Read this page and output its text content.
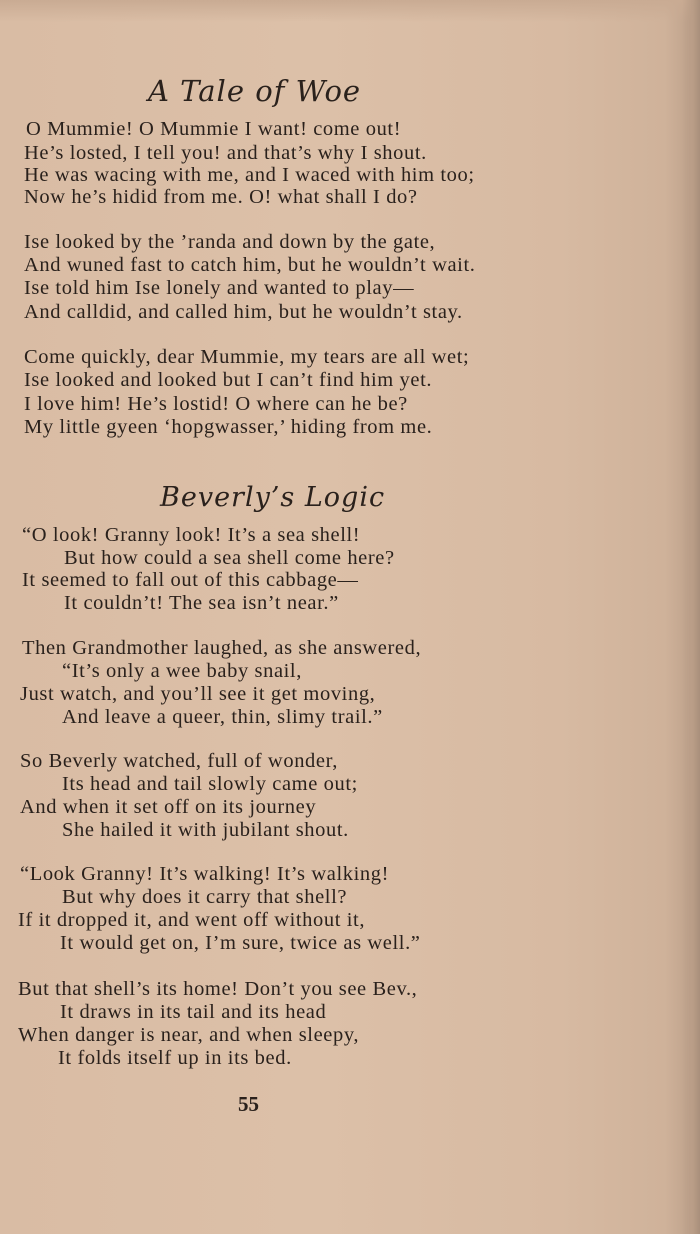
A Tale of Woe
O Mummie! O Mummie I want! come out!
He’s losted, I tell you! and that’s why I shout.
He was wacing with me, and I waced with him too;
Now he’s hidid from me. O! what shall I do?
Ise looked by the ’randa and down by the gate,
And wuned fast to catch him, but he wouldn’t wait.
Ise told him Ise lonely and wanted to play—
And calldid, and called him, but he wouldn’t stay.
Come quickly, dear Mummie, my tears are all wet;
Ise looked and looked but I can’t find him yet.
I love him! He’s lostid! O where can he be?
My little gyeen ‘hopgwasser,’ hiding from me.
Beverly’s Logic
“O look! Granny look! It’s a sea shell!
But how could a sea shell come here?
It seemed to fall out of this cabbage—
It couldn’t! The sea isn’t near.”
Then Grandmother laughed, as she answered,
“It’s only a wee baby snail,
Just watch, and you’ll see it get moving,
And leave a queer, thin, slimy trail.”
So Beverly watched, full of wonder,
Its head and tail slowly came out;
And when it set off on its journey
She hailed it with jubilant shout.
“Look Granny! It’s walking! It’s walking!
But why does it carry that shell?
If it dropped it, and went off without it,
It would get on, I’m sure, twice as well.”
But that shell’s its home! Don’t you see Bev.,
It draws in its tail and its head
When danger is near, and when sleepy,
It folds itself up in its bed.
55
